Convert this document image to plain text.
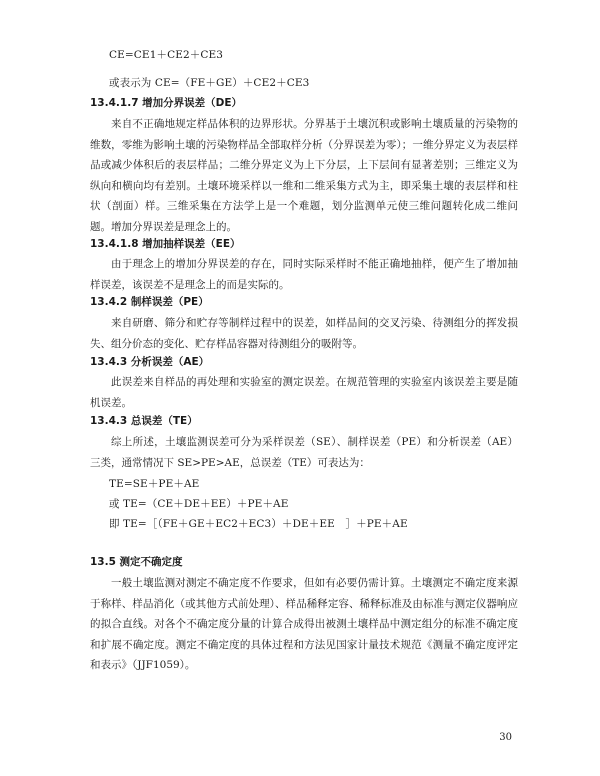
CE=CE1＋CE2＋CE3
或表示为 CE=（FE＋GE）＋CE2＋CE3
13.4.1.7 增加分界误差（DE）

来自不正确地规定样品体积的边界形状。分界基于土壤沉积或影响土壤质量的污染物的维数，零维为影响土壤的污染物样品全部取样分析（分界误差为零）；一维分界定义为表层样品或减少体积后的表层样品；二维分界定义为上下分层，上下层间有显著差别；三维定义为纵向和横向均有差别。土壤环境采样以一维和二维采集方式为主，即采集土壤的表层样和柱状（剖面）样。三维采集在方法学上是一个难题，划分监测单元使三维问题转化成二维问题。增加分界误差是理念上的。

13.4.1.8 增加抽样误差（EE）

由于理念上的增加分界误差的存在，同时实际采样时不能正确地抽样，便产生了增加抽样误差，该误差不是理念上的而是实际的。

13.4.2 制样误差（PE）

来自研磨、筛分和贮存等制样过程中的误差，如样品间的交叉污染、待测组分的挥发损失、组分价态的变化、贮存样品容器对待测组分的吸附等。

13.4.3 分析误差（AE）

此误差来自样品的再处理和实验室的测定误差。在规范管理的实验室内该误差主要是随机误差。

13.4.3 总误差（TE）

综上所述，土壤监测误差可分为采样误差（SE）、制样误差（PE）和分析误差（AE）三类，通常情况下 SE>PE>AE，总误差（TE）可表达为：

TE=SE＋PE＋AE
或 TE=（CE＋DE＋EE）＋PE＋AE
即 TE=［（FE＋GE＋EC2＋EC3）＋DE＋EE　］＋PE＋AE
13.5 测定不确定度

一般土壤监测对测定不确定度不作要求，但如有必要仍需计算。土壤测定不确定度来源于称样、样品消化（或其他方式前处理）、样品稀释定容、稀释标准及由标准与测定仪器响应的拟合直线。对各个不确定度分量的计算合成得出被测土壤样品中测定组分的标准不确定度和扩展不确定度。测定不确定度的具体过程和方法见国家计量技术规范《测量不确定度评定和表示》（JJF1059）。

30
